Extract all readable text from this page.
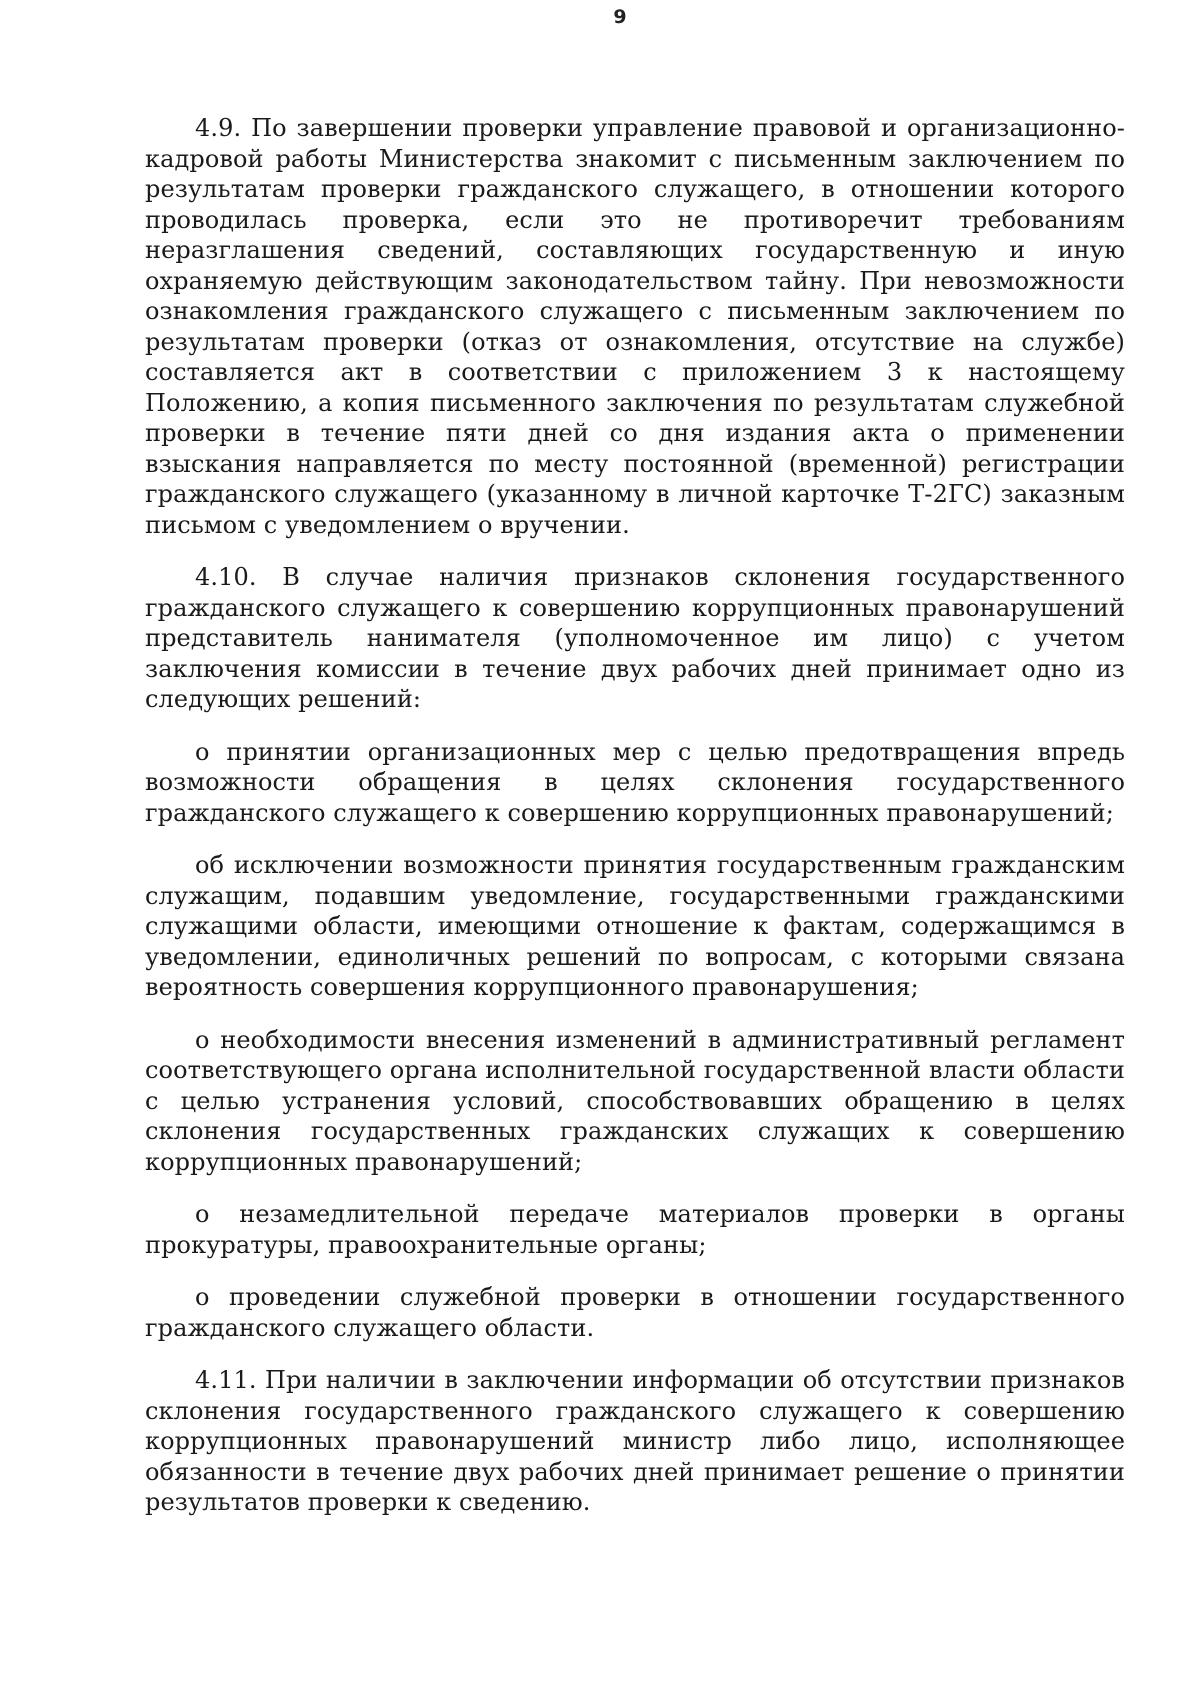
9

4.9. По завершении проверки управление правовой и организационно-кадровой работы Министерства знакомит с письменным заключением по результатам проверки гражданского служащего, в отношении которого проводилась проверка, если это не противоречит требованиям неразглашения сведений, составляющих государственную и иную охраняемую действующим законодательством тайну. При невозможности ознакомления гражданского служащего с письменным заключением по результатам проверки (отказ от ознакомления, отсутствие на службе) составляется акт в соответствии с приложением 3 к настоящему Положению, а копия письменного заключения по результатам служебной проверки в течение пяти дней со дня издания акта о применении взыскания направляется по месту постоянной (временной) регистрации гражданского служащего (указанному в личной карточке Т-2ГС) заказным письмом с уведомлением о вручении.

4.10. В случае наличия признаков склонения государственного гражданского служащего к совершению коррупционных правонарушений представитель нанимателя (уполномоченное им лицо) с учетом заключения комиссии в течение двух рабочих дней принимает одно из следующих решений:

о принятии организационных мер с целью предотвращения впредь возможности обращения в целях склонения государственного гражданского служащего к совершению коррупционных правонарушений;

об исключении возможности принятия государственным гражданским служащим, подавшим уведомление, государственными гражданскими служащими области, имеющими отношение к фактам, содержащимся в уведомлении, единоличных решений по вопросам, с которыми связана вероятность совершения коррупционного правонарушения;

о необходимости внесения изменений в административный регламент соответствующего органа исполнительной государственной власти области с целью устранения условий, способствовавших обращению в целях склонения государственных гражданских служащих к совершению коррупционных правонарушений;

о незамедлительной передаче материалов проверки в органы прокуратуры, правоохранительные органы;

о проведении служебной проверки в отношении государственного гражданского служащего области.

4.11. При наличии в заключении информации об отсутствии признаков склонения государственного гражданского служащего к совершению коррупционных правонарушений министр либо лицо, исполняющее обязанности в течение двух рабочих дней принимает решение о принятии результатов проверки к сведению.
